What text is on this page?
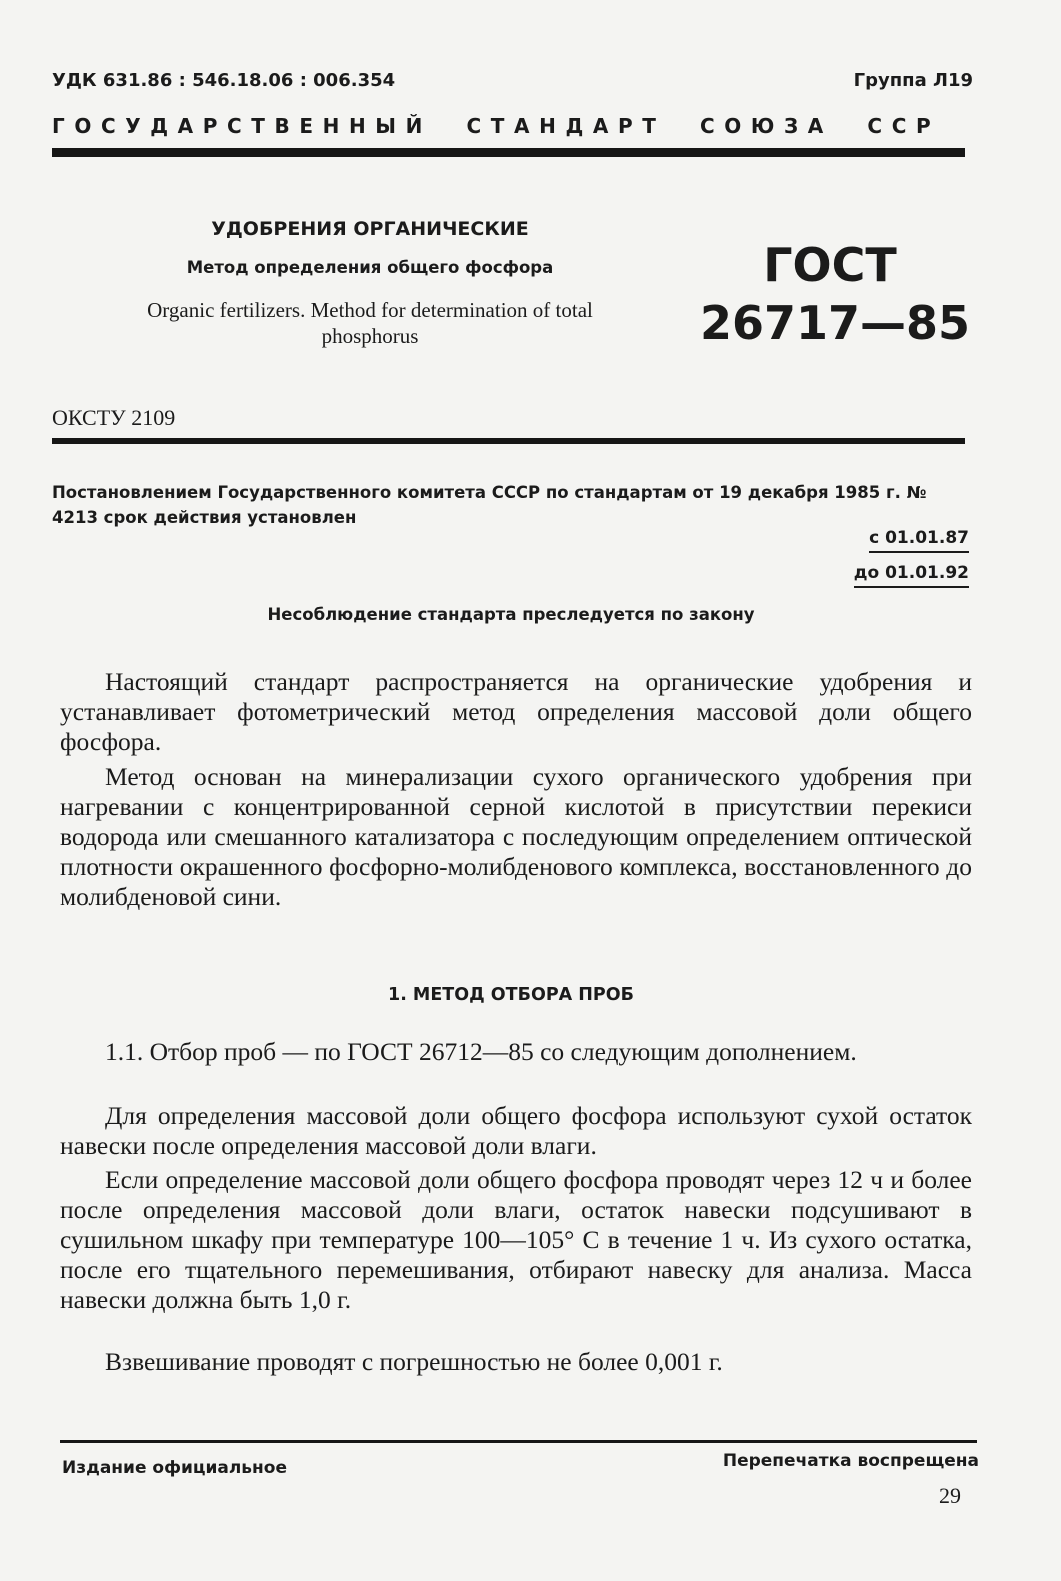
УДК 631.86 : 546.18.06 : 006.354	Группа Л19
ГОСУДАРСТВЕННЫЙ СТАНДАРТ СОЮЗА ССР
УДОБРЕНИЯ ОРГАНИЧЕСКИЕ
Метод определения общего фосфора
Organic fertilizers. Method for determination of total phosphorus
ГОСТ
26717—85
ОКСТУ 2109
Постановлением Государственного комитета СССР по стандартам от 19 декабря 1985 г. № 4213 срок действия установлен
с 01.01.87
до 01.01.92
Несоблюдение стандарта преследуется по закону
Настоящий стандарт распространяется на органические удобрения и устанавливает фотометрический метод определения массовой доли общего фосфора.
Метод основан на минерализации сухого органического удобрения при нагревании с концентрированной серной кислотой в присутствии перекиси водорода или смешанного катализатора с последующим определением оптической плотности окрашенного фосфорно-молибденового комплекса, восстановленного до молибденовой сини.
1. МЕТОД ОТБОРА ПРОБ
1.1. Отбор проб — по ГОСТ 26712—85 со следующим дополнением.
Для определения массовой доли общего фосфора используют сухой остаток навески после определения массовой доли влаги.
Если определение массовой доли общего фосфора проводят через 12 ч и более после определения массовой доли влаги, остаток навески подсушивают в сушильном шкафу при температуре 100—105° С в течение 1 ч. Из сухого остатка, после его тщательного перемешивания, отбирают навеску для анализа. Масса навески должна быть 1,0 г.
Взвешивание проводят с погрешностью не более 0,001 г.
Издание официальное	Перепечатка воспрещена
29
